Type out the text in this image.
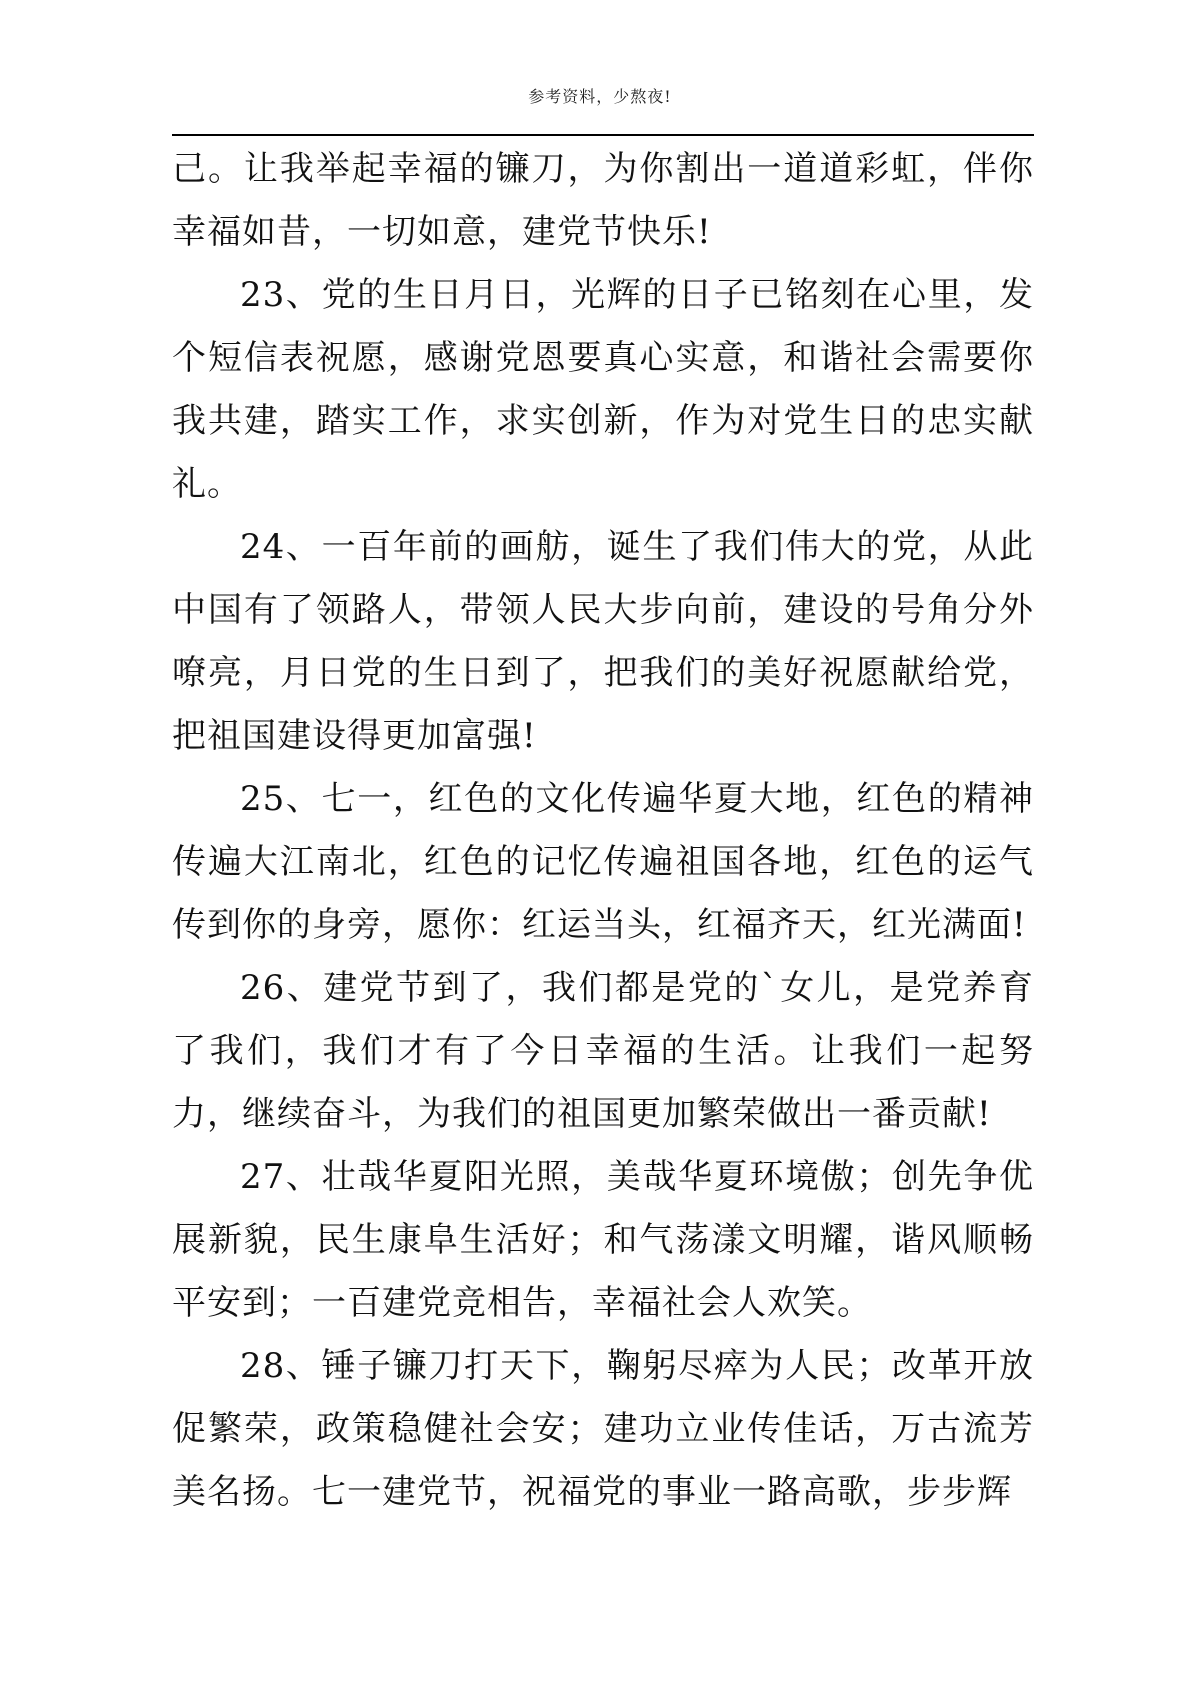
参考资料，少熬夜!

己。让我举起幸福的镰刀，为你割出一道道彩虹，伴你幸福如昔，一切如意，建党节快乐!

23、党的生日月日，光辉的日子已铭刻在心里，发个短信表祝愿，感谢党恩要真心实意，和谐社会需要你我共建，踏实工作，求实创新，作为对党生日的忠实献礼。

24、一百年前的画舫，诞生了我们伟大的党，从此中国有了领路人，带领人民大步向前，建设的号角分外嘹亮，月日党的生日到了，把我们的美好祝愿献给党，把祖国建设得更加富强!

25、七一，红色的文化传遍华夏大地，红色的精神传遍大江南北，红色的记忆传遍祖国各地，红色的运气传到你的身旁，愿你：红运当头，红福齐天，红光满面!

26、建党节到了，我们都是党的`女儿，是党养育了我们，我们才有了今日幸福的生活。让我们一起努力，继续奋斗，为我们的祖国更加繁荣做出一番贡献!

27、壮哉华夏阳光照，美哉华夏环境傲；创先争优展新貌，民生康阜生活好；和气荡漾文明耀，谐风顺畅平安到；一百建党竞相告，幸福社会人欢笑。

28、锤子镰刀打天下，鞠躬尽瘁为人民；改革开放促繁荣，政策稳健社会安；建功立业传佳话，万古流芳美名扬。七一建党节，祝福党的事业一路高歌，步步辉
